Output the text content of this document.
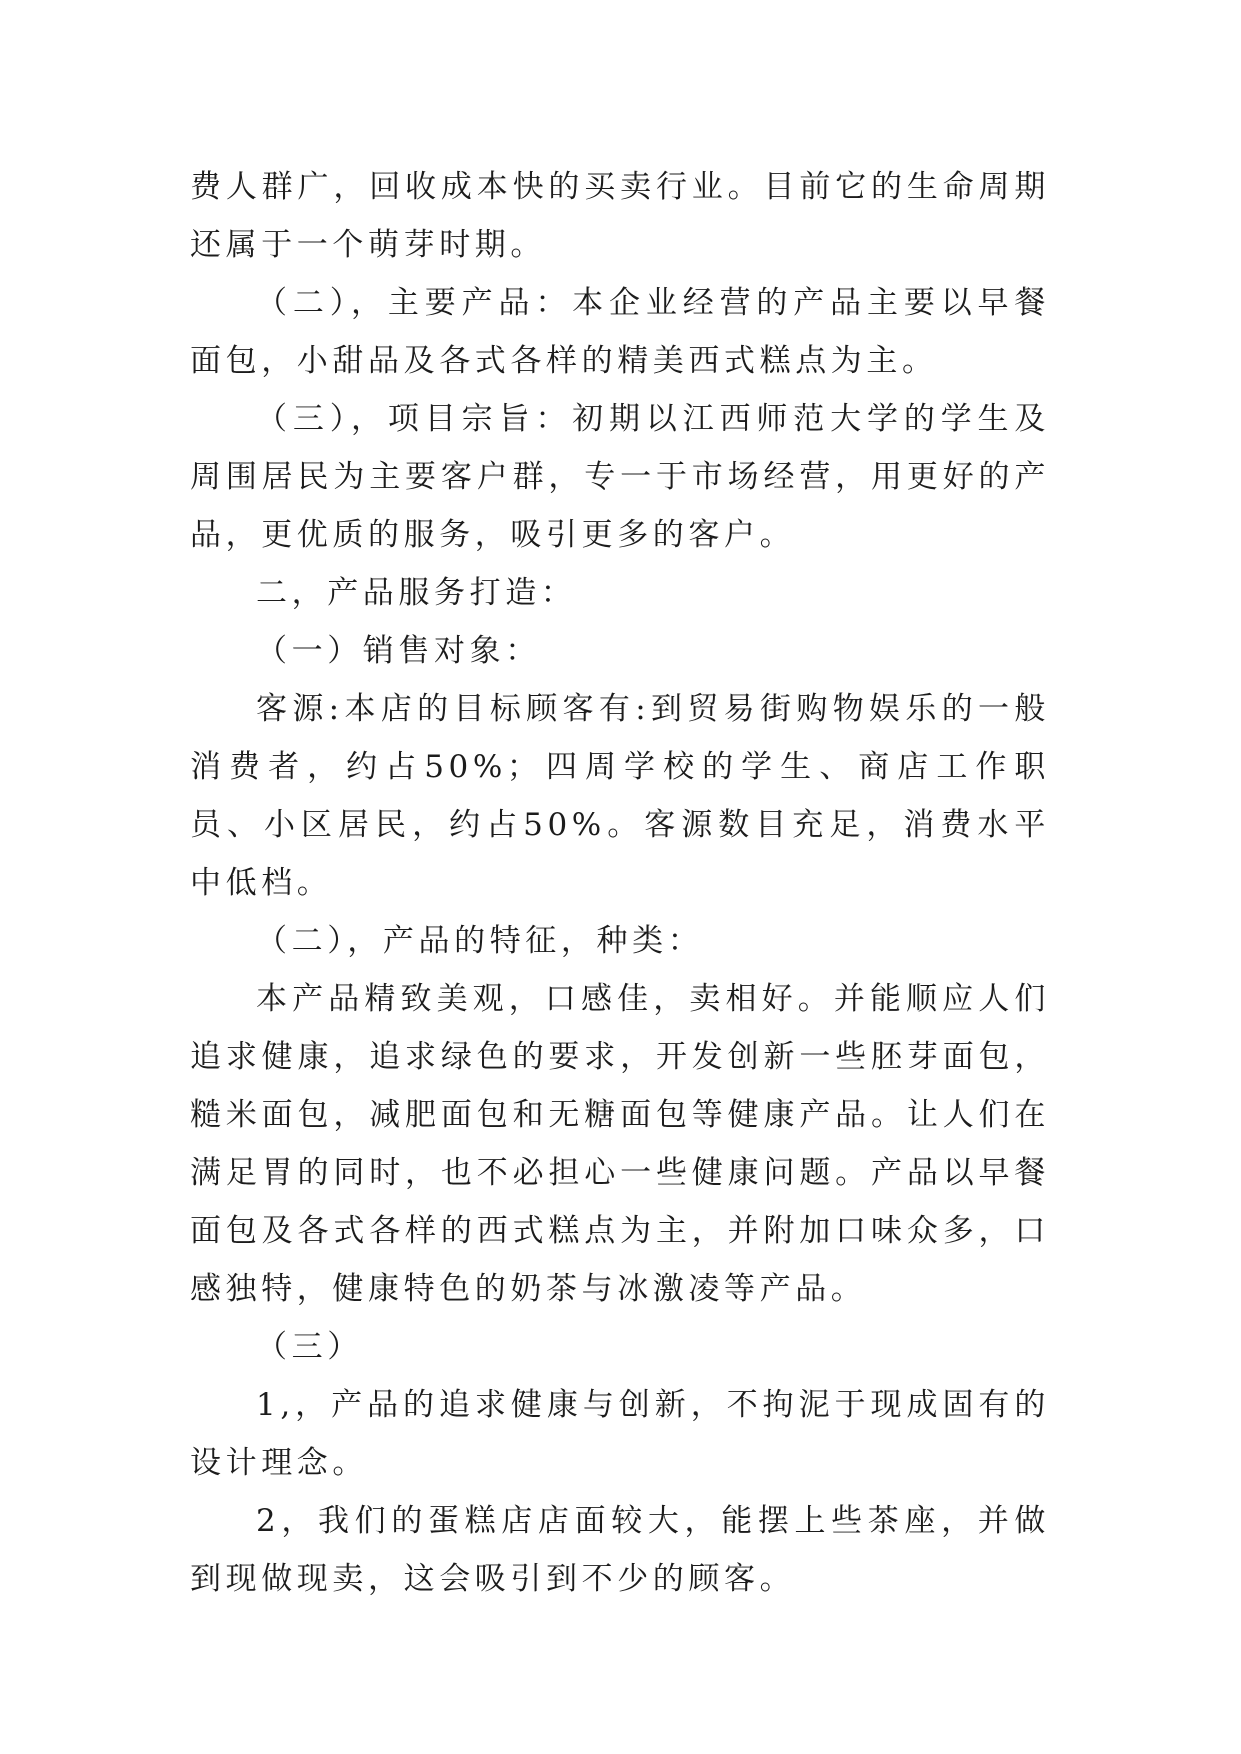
费人群广，回收成本快的买卖行业。目前它的生命周期还属于一个萌芽时期。

（二），主要产品：本企业经营的产品主要以早餐面包，小甜品及各式各样的精美西式糕点为主。

（三），项目宗旨：初期以江西师范大学的学生及周围居民为主要客户群，专一于市场经营，用更好的产品，更优质的服务，吸引更多的客户。

二，产品服务打造：

（一）销售对象：

客源:本店的目标顾客有:到贸易街购物娱乐的一般消费者，约占50%；四周学校的学生、商店工作职员、小区居民，约占50%。客源数目充足，消费水平中低档。

（二），产品的特征，种类：

本产品精致美观，口感佳，卖相好。并能顺应人们追求健康，追求绿色的要求，开发创新一些胚芽面包，糙米面包，减肥面包和无糖面包等健康产品。让人们在满足胃的同时，也不必担心一些健康问题。产品以早餐面包及各式各样的西式糕点为主，并附加口味众多，口感独特，健康特色的奶茶与冰激凌等产品。

（三）

1,，产品的追求健康与创新，不拘泥于现成固有的设计理念。

2，我们的蛋糕店店面较大，能摆上些茶座，并做到现做现卖，这会吸引到不少的顾客。
